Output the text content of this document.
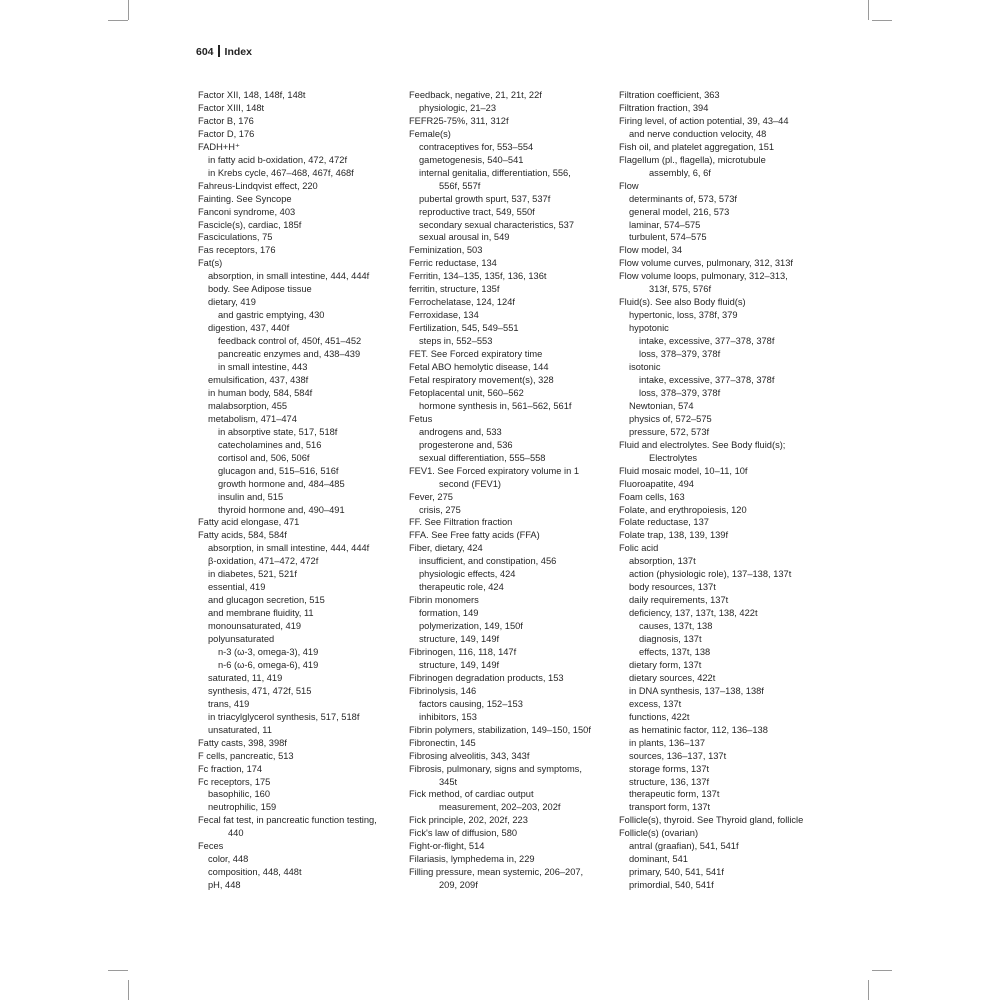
604 Index
Factor XII, 148, 148f, 148t
Factor XIII, 148t
Factor B, 176
Factor D, 176
FADH+H⁺
in fatty acid b-oxidation, 472, 472f
in Krebs cycle, 467–468, 467f, 468f
Fahreus-Lindqvist effect, 220
Fainting. See Syncope
Fanconi syndrome, 403
Fascicle(s), cardiac, 185f
Fasciculations, 75
Fas receptors, 176
Fat(s)
absorption, in small intestine, 444, 444f
body. See Adipose tissue
dietary, 419
and gastric emptying, 430
digestion, 437, 440f
feedback control of, 450f, 451–452
pancreatic enzymes and, 438–439
in small intestine, 443
emulsification, 437, 438f
in human body, 584, 584f
malabsorption, 455
metabolism, 471–474
in absorptive state, 517, 518f
catecholamines and, 516
cortisol and, 506, 506f
glucagon and, 515–516, 516f
growth hormone and, 484–485
insulin and, 515
thyroid hormone and, 490–491
Fatty acid elongase, 471
Fatty acids, 584, 584f
absorption, in small intestine, 444, 444f
β-oxidation, 471–472, 472f
in diabetes, 521, 521f
essential, 419
and glucagon secretion, 515
and membrane fluidity, 11
monounsaturated, 419
polyunsaturated
n-3 (ω-3, omega-3), 419
n-6 (ω-6, omega-6), 419
saturated, 11, 419
synthesis, 471, 472f, 515
trans, 419
in triacylglycerol synthesis, 517, 518f
unsaturated, 11
Fatty casts, 398, 398f
F cells, pancreatic, 513
Fc fraction, 174
Fc receptors, 175
basophilic, 160
neutrophilic, 159
Fecal fat test, in pancreatic function testing,
440
Feces
color, 448
composition, 448, 448t
pH, 448
Feedback, negative, 21, 21t, 22f
physiologic, 21–23
FEFR25-75%, 311, 312f
Female(s)
contraceptives for, 553–554
gametogenesis, 540–541
internal genitalia, differentiation, 556,
556f, 557f
pubertal growth spurt, 537, 537f
reproductive tract, 549, 550f
secondary sexual characteristics, 537
sexual arousal in, 549
Feminization, 503
Ferric reductase, 134
Ferritin, 134–135, 135f, 136, 136t
ferritin, structure, 135f
Ferrochelatase, 124, 124f
Ferroxidase, 134
Fertilization, 545, 549–551
steps in, 552–553
FET. See Forced expiratory time
Fetal ABO hemolytic disease, 144
Fetal respiratory movement(s), 328
Fetoplacental unit, 560–562
hormone synthesis in, 561–562, 561f
Fetus
androgens and, 533
progesterone and, 536
sexual differentiation, 555–558
FEV1. See Forced expiratory volume in 1
second (FEV1)
Fever, 275
crisis, 275
FF. See Filtration fraction
FFA. See Free fatty acids (FFA)
Fiber, dietary, 424
insufficient, and constipation, 456
physiologic effects, 424
therapeutic role, 424
Fibrin monomers
formation, 149
polymerization, 149, 150f
structure, 149, 149f
Fibrinogen, 116, 118, 147f
structure, 149, 149f
Fibrinogen degradation products, 153
Fibrinolysis, 146
factors causing, 152–153
inhibitors, 153
Fibrin polymers, stabilization, 149–150, 150f
Fibronectin, 145
Fibrosing alveolitis, 343, 343f
Fibrosis, pulmonary, signs and symptoms,
345t
Fick method, of cardiac output
measurement, 202–203, 202f
Fick principle, 202, 202f, 223
Fick's law of diffusion, 580
Fight-or-flight, 514
Filariasis, lymphedema in, 229
Filling pressure, mean systemic, 206–207,
209, 209f
Filtration coefficient, 363
Filtration fraction, 394
Firing level, of action potential, 39, 43–44
and nerve conduction velocity, 48
Fish oil, and platelet aggregation, 151
Flagellum (pl., flagella), microtubule
assembly, 6, 6f
Flow
determinants of, 573, 573f
general model, 216, 573
laminar, 574–575
turbulent, 574–575
Flow model, 34
Flow volume curves, pulmonary, 312, 313f
Flow volume loops, pulmonary, 312–313,
313f, 575, 576f
Fluid(s). See also Body fluid(s)
hypertonic, loss, 378f, 379
hypotonic
intake, excessive, 377–378, 378f
loss, 378–379, 378f
isotonic
intake, excessive, 377–378, 378f
loss, 378–379, 378f
Newtonian, 574
physics of, 572–575
pressure, 572, 573f
Fluid and electrolytes. See Body fluid(s);
Electrolytes
Fluid mosaic model, 10–11, 10f
Fluoroapatite, 494
Foam cells, 163
Folate, and erythropoiesis, 120
Folate reductase, 137
Folate trap, 138, 139, 139f
Folic acid
absorption, 137t
action (physiologic role), 137–138, 137t
body resources, 137t
daily requirements, 137t
deficiency, 137, 137t, 138, 422t
causes, 137t, 138
diagnosis, 137t
effects, 137t, 138
dietary form, 137t
dietary sources, 422t
in DNA synthesis, 137–138, 138f
excess, 137t
functions, 422t
as hematinic factor, 112, 136–138
in plants, 136–137
sources, 136–137, 137t
storage forms, 137t
structure, 136, 137f
therapeutic form, 137t
transport form, 137t
Follicle(s), thyroid. See Thyroid gland, follicle
Follicle(s) (ovarian)
antral (graafian), 541, 541f
dominant, 541
primary, 540, 541, 541f
primordial, 540, 541f
